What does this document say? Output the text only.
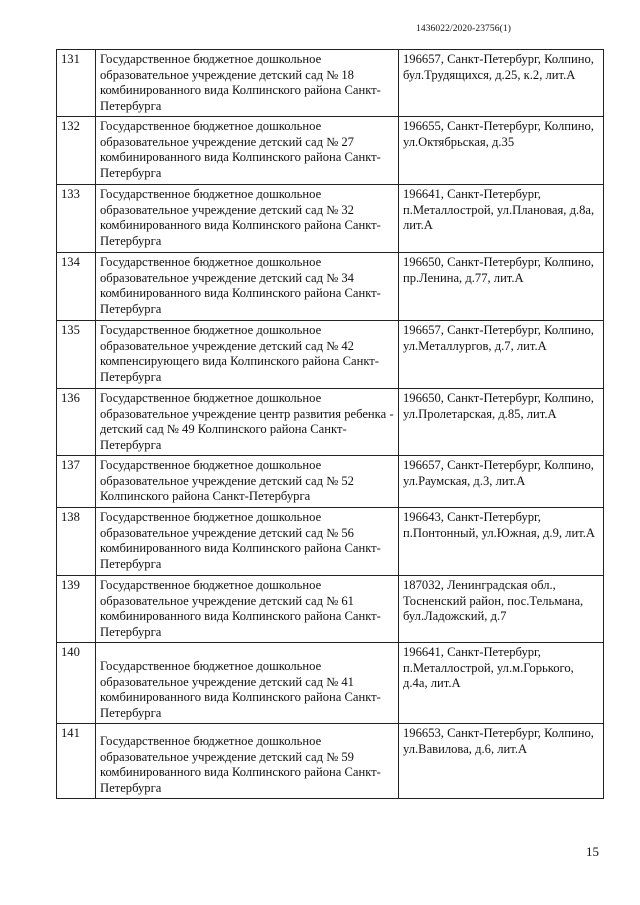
1436022/2020-23756(1)
131	Государственное бюджетное дошкольное образовательное учреждение детский сад № 18 комбинированного вида Колпинского района Санкт-Петербурга	196657, Санкт-Петербург, Колпино, бул.Трудящихся, д.25, к.2, лит.А
132	Государственное бюджетное дошкольное образовательное учреждение детский сад № 27 комбинированного вида Колпинского района Санкт-Петербурга	196655, Санкт-Петербург, Колпино, ул.Октябрьская, д.35
133	Государственное бюджетное дошкольное образовательное учреждение детский сад № 32 комбинированного вида Колпинского района Санкт-Петербурга	196641, Санкт-Петербург, п.Металлострой, ул.Плановая, д.8а, лит.А
134	Государственное бюджетное дошкольное образовательное учреждение детский сад № 34 комбинированного вида Колпинского района Санкт-Петербурга	196650, Санкт-Петербург, Колпино, пр.Ленина, д.77, лит.А
135	Государственное бюджетное дошкольное образовательное учреждение детский сад № 42 компенсирующего вида Колпинского района Санкт-Петербурга	196657, Санкт-Петербург, Колпино, ул.Металлургов, д.7, лит.А
136	Государственное бюджетное дошкольное образовательное учреждение центр развития ребенка - детский сад № 49 Колпинского района Санкт-Петербурга	196650, Санкт-Петербург, Колпино, ул.Пролетарская, д.85, лит.А
137	Государственное бюджетное дошкольное образовательное учреждение детский сад № 52 Колпинского района Санкт-Петербурга	196657, Санкт-Петербург, Колпино, ул.Раумская, д.3, лит.А
138	Государственное бюджетное дошкольное образовательное учреждение детский сад № 56 комбинированного вида Колпинского района Санкт-Петербурга	196643, Санкт-Петербург, п.Понтонный, ул.Южная, д.9, лит.А
139	Государственное бюджетное дошкольное образовательное учреждение детский сад № 61 комбинированного вида Колпинского района Санкт-Петербурга	187032, Ленинградская обл., Тосненский район, пос.Тельмана, бул.Ладожский, д.7
140	Государственное бюджетное дошкольное образовательное учреждение детский сад № 41 комбинированного вида Колпинского района Санкт-Петербурга	196641, Санкт-Петербург, п.Металлострой, ул.м.Горького, д.4а, лит.А
141	Государственное бюджетное дошкольное образовательное учреждение детский сад № 59 комбинированного вида Колпинского района Санкт-Петербурга	196653, Санкт-Петербург, Колпино, ул.Вавилова, д.6, лит.А
15
